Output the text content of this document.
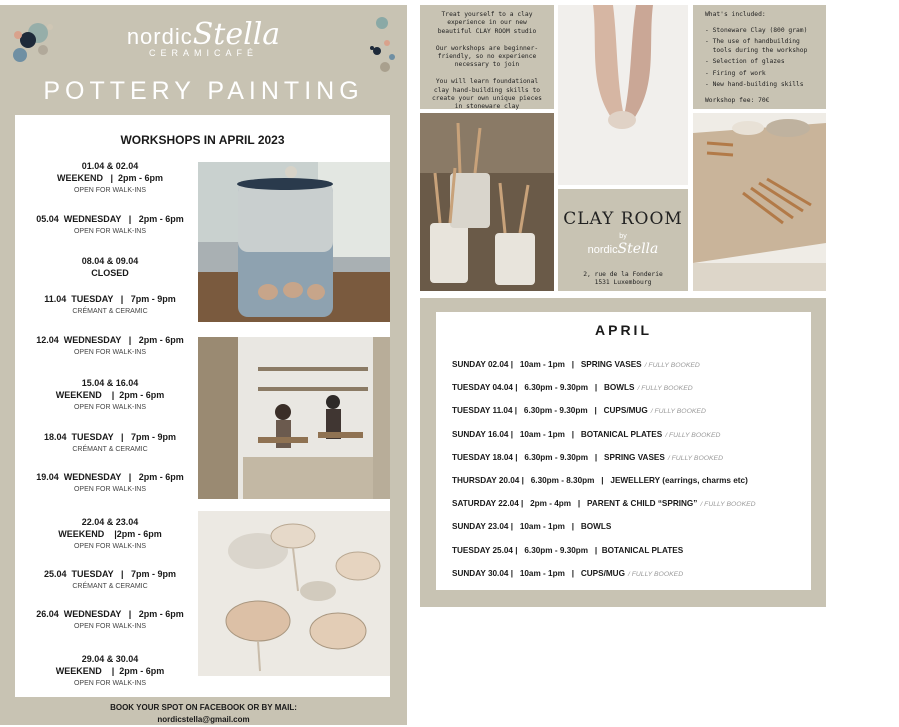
nordicStella
CERAMICAFÉ
POTTERY PAINTING
WORKSHOPS IN APRIL 2023
01.04 & 02.04
WEEKEND   |  2pm - 6pm
OPEN FOR WALK-INS
05.04  WEDNESDAY   |   2pm - 6pm
OPEN FOR WALK-INS
08.04 & 09.04
CLOSED
11.04  TUESDAY   |   7pm - 9pm
CRÉMANT & CERAMIC
12.04  WEDNESDAY   |   2pm - 6pm
OPEN FOR WALK-INS
15.04 & 16.04
WEEKEND    |  2pm - 6pm
OPEN FOR WALK-INS
18.04  TUESDAY   |   7pm - 9pm
CRÉMANT & CERAMIC
19.04  WEDNESDAY   |   2pm - 6pm
OPEN FOR WALK-INS
22.04 & 23.04
WEEKEND    |2pm - 6pm
OPEN FOR WALK-INS
25.04  TUESDAY   |   7pm - 9pm
CRÉMANT & CERAMIC
26.04  WEDNESDAY   |   2pm - 6pm
OPEN FOR WALK-INS
29.04 & 30.04
WEEKEND    |  2pm - 6pm
OPEN FOR WALK-INS
BOOK YOUR SPOT ON FACEBOOK OR BY MAIL:
nordicstella@gmail.com
Treat yourself to a clay
experience in our new
beautiful CLAY ROOM studio
Our workshops are beginner-
friendly, so no experience
necessary to join
You will learn foundational
clay hand-building skills to
create your own unique pieces
in stoneware clay
What's included:
- Stoneware Clay (800 gram)
- The use of handbuilding
tools during the workshop
- Selection of glazes
- Firing of work
- New hand-building skills
Workshop fee: 70€
CLAY ROOM
by
nordicStella
2, rue de la Fonderie
1531 Luxembourg
APRIL
SUNDAY 02.04 |   10am - 1pm   |   SPRING VASES / FULLY BOOKED
TUESDAY 04.04 |   6.30pm - 9.30pm   |   BOWLS / FULLY BOOKED
TUESDAY 11.04 |   6.30pm - 9.30pm   |   CUPS/MUG / FULLY BOOKED
SUNDAY 16.04 |   10am - 1pm   |   BOTANICAL PLATES / FULLY BOOKED
TUESDAY 18.04 |   6.30pm - 9.30pm   |   SPRING VASES / FULLY BOOKED
THURSDAY 20.04 |   6.30pm - 8.30pm   |   JEWELLERY (earrings, charms etc)
SATURDAY 22.04 |   2pm - 4pm   |   PARENT & CHILD “SPRING” / FULLY BOOKED
SUNDAY 23.04 |   10am - 1pm   |   BOWLS
TUESDAY 25.04 |   6.30pm - 9.30pm   |  BOTANICAL PLATES
SUNDAY 30.04 |   10am - 1pm   |   CUPS/MUG / FULLY BOOKED
